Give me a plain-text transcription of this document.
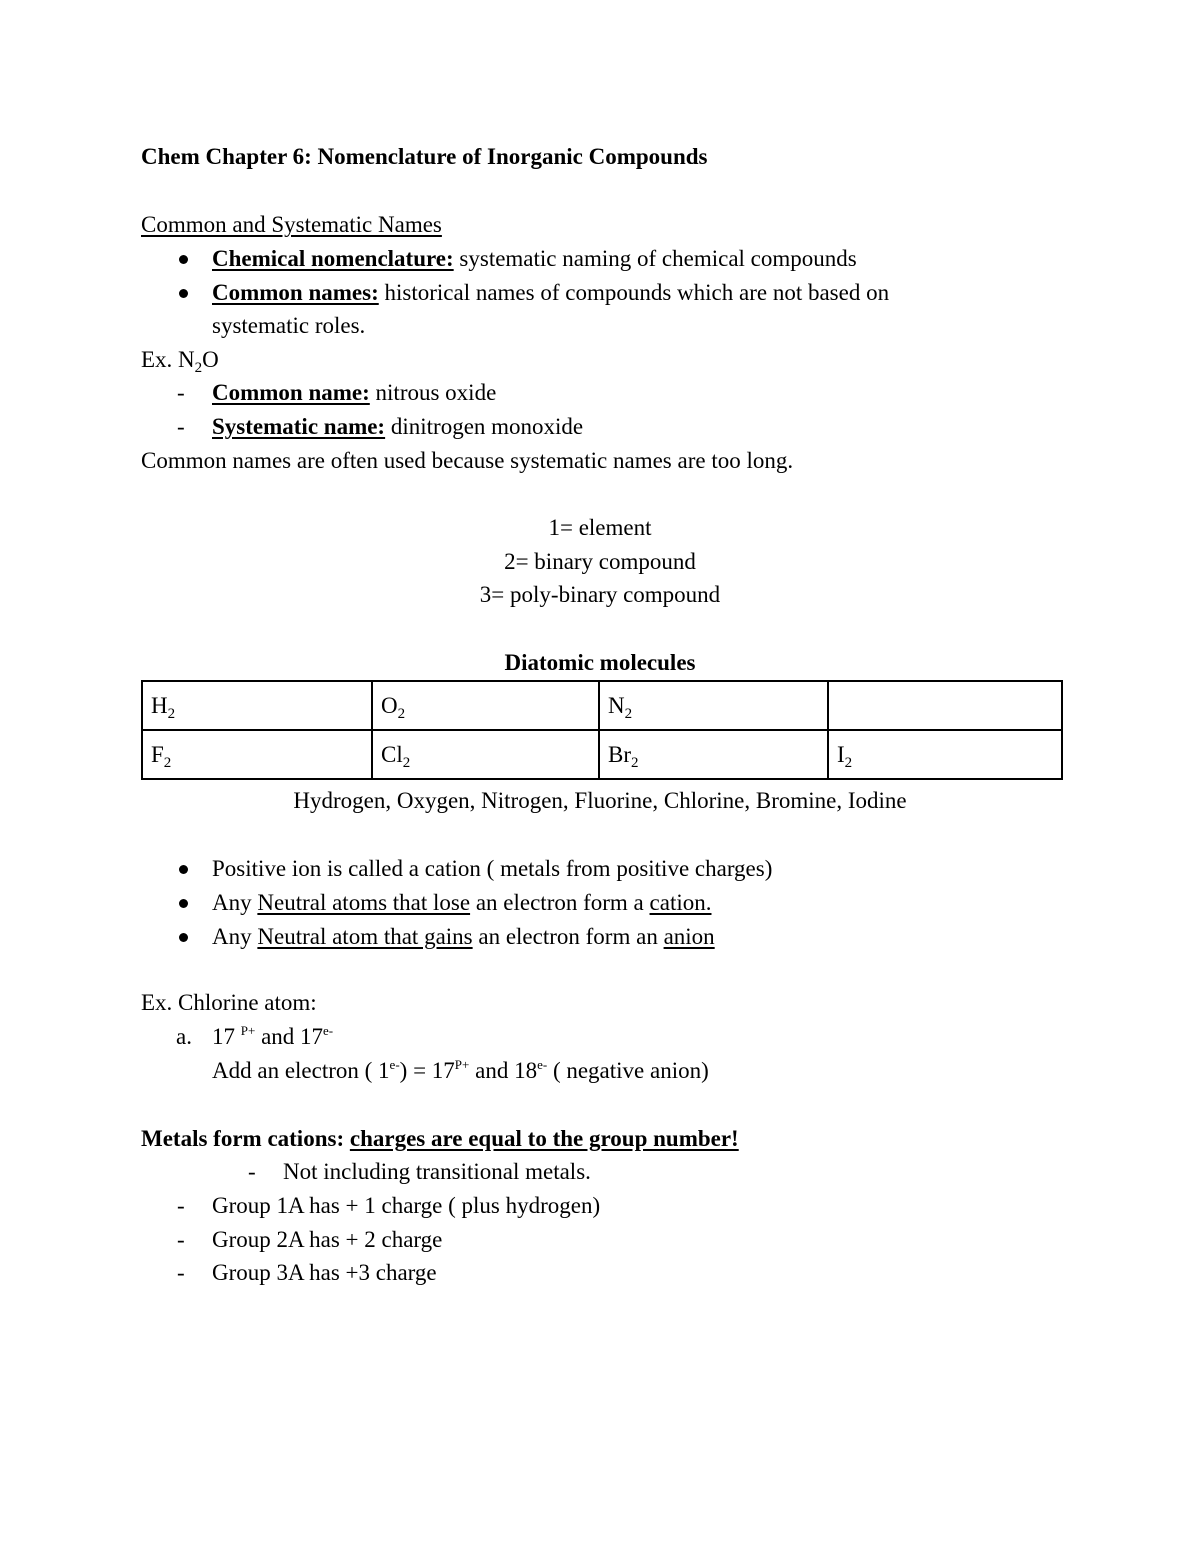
Chem Chapter 6: Nomenclature of Inorganic Compounds
Common and Systematic Names
Chemical nomenclature: systematic naming of chemical compounds
Common names: historical names of compounds which are not based on
systematic roles.
Ex. $N_2O$
- Common name: nitrous oxide
- Systematic name: dinitrogen monoxide
Common names are often used because systematic names are too long.
1= element
2= binary compound
3= poly-binary compound
Diatomic molecules
$H_2$	$O_2$	$N_2$	
$F_2$	$Cl_2$	$Br_2$	$I_2$
Hydrogen, Oxygen, Nitrogen, Fluorine, Chlorine, Bromine, Iodine
Positive ion is called a cation ( metals from positive charges)
Any Neutral atoms that lose an electron form a cation.
Any Neutral atom that gains an electron form an anion
Ex. Chlorine atom:
a. 17 $^{P+}$ and $17^{e-}$
Add an electron ( $1^{e-}) = 17^{P+}$ and $18^{e-}$ ( negative anion)
Metals form cations: charges are equal to the group number!
- Not including transitional metals.
- Group 1A has + 1 charge ( plus hydrogen)
- Group 2A has + 2 charge
- Group 3A has +3 charge
